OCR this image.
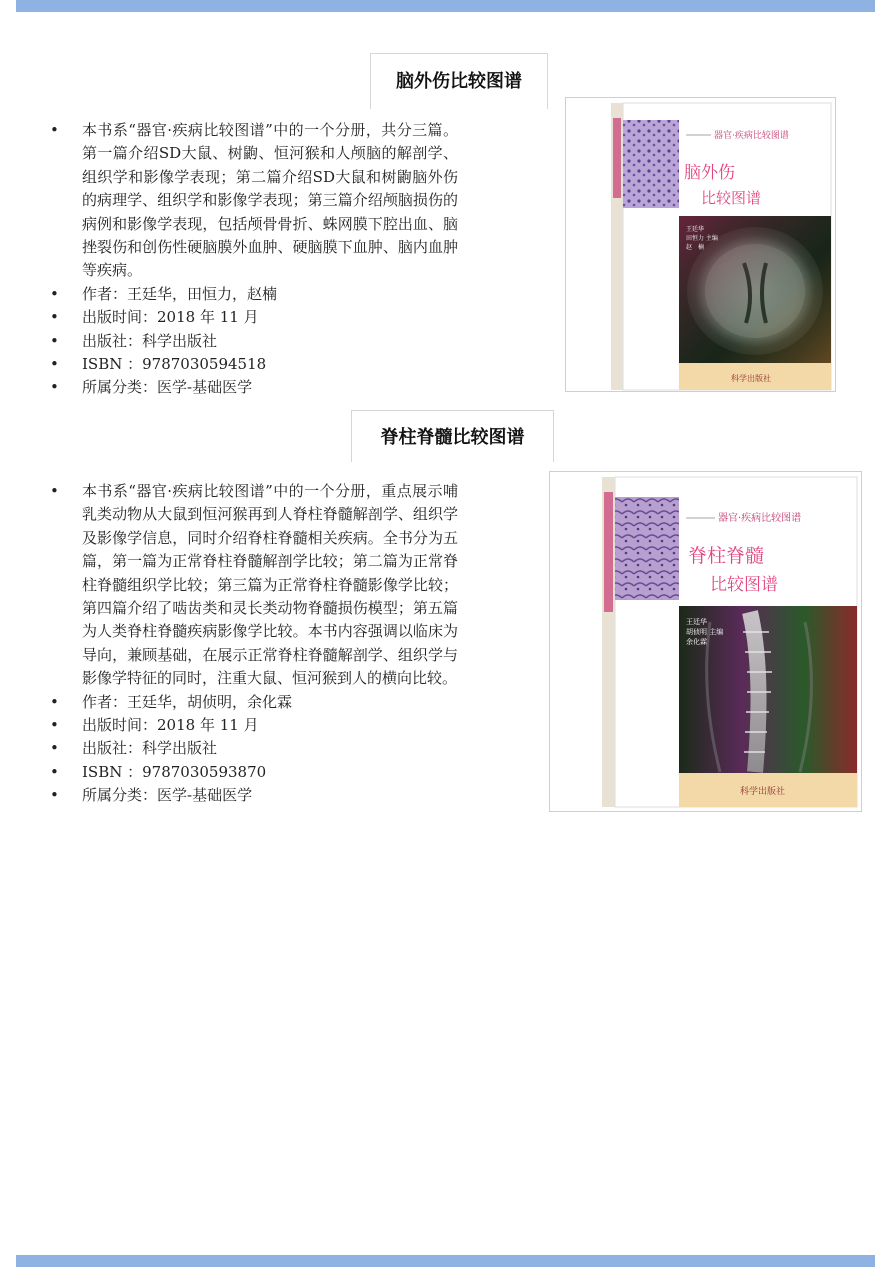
脑外伤比较图谱
• 本书系“器官·疾病比较图谱”中的一个分册，共分三篇。第一篇介绍SD大鼠、树鼩、恒河猴和人颅脑的解剖学、组织学和影像学表现；第二篇介绍SD大鼠和树鼩脑外伤的病理学、组织学和影像学表现；第三篇介绍颅脑损伤的病例和影像学表现，包括颅骨骨折、蛛网膜下腔出血、脑挫裂伤和创伤性硬脑膜外血肿、硬脑膜下血肿、脑内血肿等疾病。
• 作者：王廷华，田恒力，赵楠
• 出版时间：2018 年 11 月
• 出版社：科学出版社
• ISBN ：9787030594518
• 所属分类：医学-基础医学
器官·疾病比较图谱
脑外伤
比较图谱
王廷华
田恒力 主编
赵　楠
科学出版社
脊柱脊髓比较图谱
• 本书系“器官·疾病比较图谱”中的一个分册，重点展示哺乳类动物从大鼠到恒河猴再到人脊柱脊髓解剖学、组织学及影像学信息，同时介绍脊柱脊髓相关疾病。全书分为五篇，第一篇为正常脊柱脊髓解剖学比较；第二篇为正常脊柱脊髓组织学比较；第三篇为正常脊柱脊髓影像学比较；第四篇介绍了啮齿类和灵长类动物脊髓损伤模型；第五篇为人类脊柱脊髓疾病影像学比较。本书内容强调以临床为导向，兼顾基础，在展示正常脊柱脊髓解剖学、组织学与影像学特征的同时，注重大鼠、恒河猴到人的横向比较。
• 作者：王廷华，胡侦明，余化霖
• 出版时间：2018 年 11 月
• 出版社：科学出版社
• ISBN ：9787030593870
• 所属分类：医学-基础医学
器官·疾病比较图谱
脊柱脊髓
比较图谱
王廷华
胡侦明 主编
余化霖
科学出版社
